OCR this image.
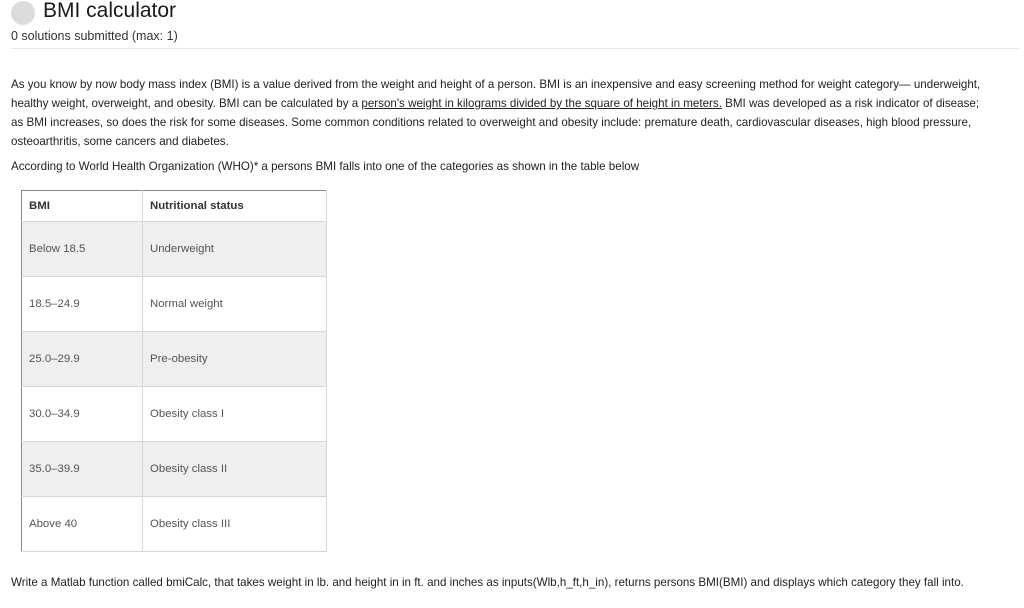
BMI calculator
0 solutions submitted (max: 1)

As you know by now body mass index (BMI) is a value derived from the weight and height of a person. BMI is an inexpensive and easy screening method for weight category— underweight, healthy weight, overweight, and obesity. BMI can be calculated by a person's weight in kilograms divided by the square of height in meters. BMI was developed as a risk indicator of disease; as BMI increases, so does the risk for some diseases. Some common conditions related to overweight and obesity include: premature death, cardiovascular diseases, high blood pressure, osteoarthritis, some cancers and diabetes.

According to World Health Organization (WHO)* a persons BMI falls into one of the categories as shown in the table below

BMI	Nutritional status
Below 18.5	Underweight
18.5–24.9	Normal weight
25.0–29.9	Pre-obesity
30.0–34.9	Obesity class I
35.0–39.9	Obesity class II
Above 40	Obesity class III

Write a Matlab function called bmiCalc, that takes weight in lb. and height in in ft. and inches as inputs(Wlb,h_ft,h_in), returns persons BMI(BMI) and displays which category they fall into.
